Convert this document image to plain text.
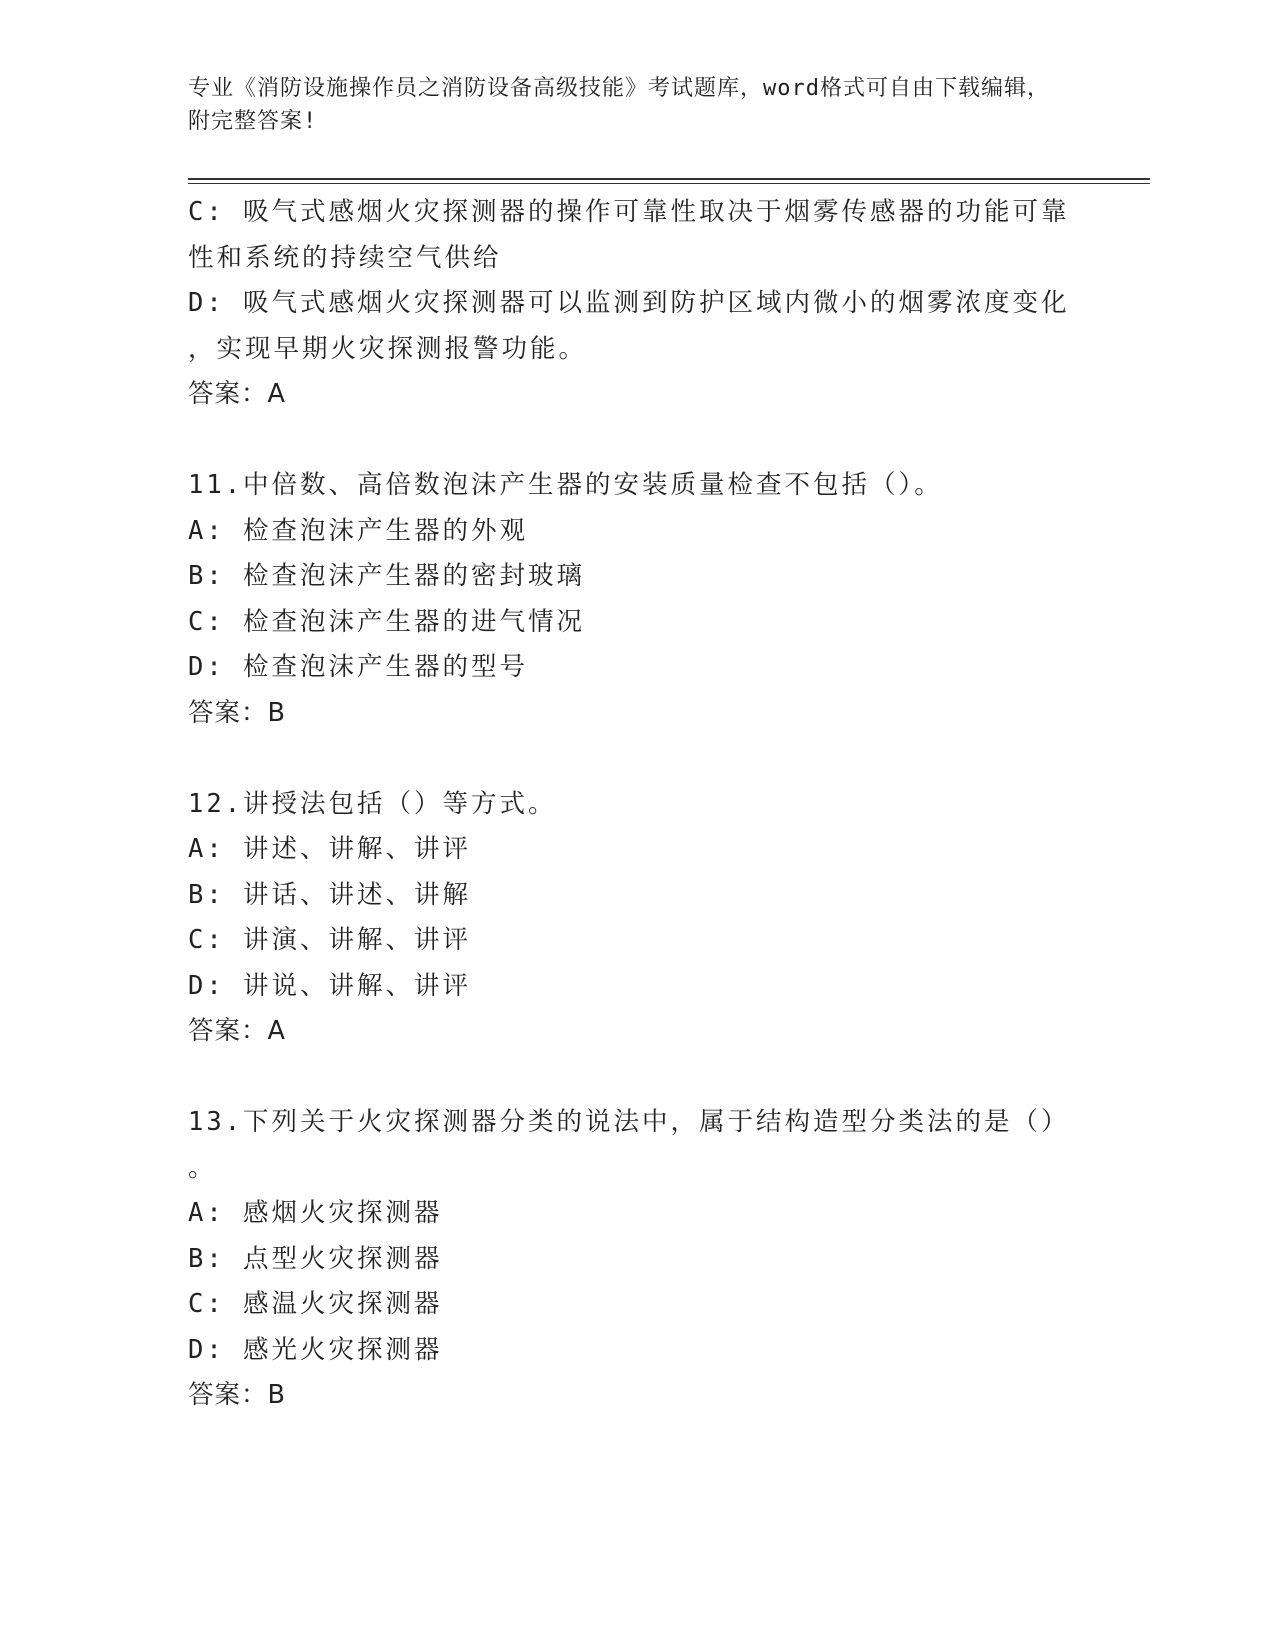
专业《消防设施操作员之消防设备高级技能》考试题库，word格式可自由下载编辑，附完整答案!
C: 吸气式感烟火灾探测器的操作可靠性取决于烟雾传感器的功能可靠
性和系统的持续空气供给
D: 吸气式感烟火灾探测器可以监测到防护区域内微小的烟雾浓度变化
，实现早期火灾探测报警功能。
答案：A
11.中倍数、高倍数泡沫产生器的安装质量检查不包括（）。
A: 检查泡沫产生器的外观
B: 检查泡沫产生器的密封玻璃
C: 检查泡沫产生器的进气情况
D: 检查泡沫产生器的型号
答案：B
12.讲授法包括（）等方式。
A: 讲述、讲解、讲评
B: 讲话、讲述、讲解
C: 讲演、讲解、讲评
D: 讲说、讲解、讲评
答案：A
13.下列关于火灾探测器分类的说法中，属于结构造型分类法的是（）
。
A: 感烟火灾探测器
B: 点型火灾探测器
C: 感温火灾探测器
D: 感光火灾探测器
答案：B
